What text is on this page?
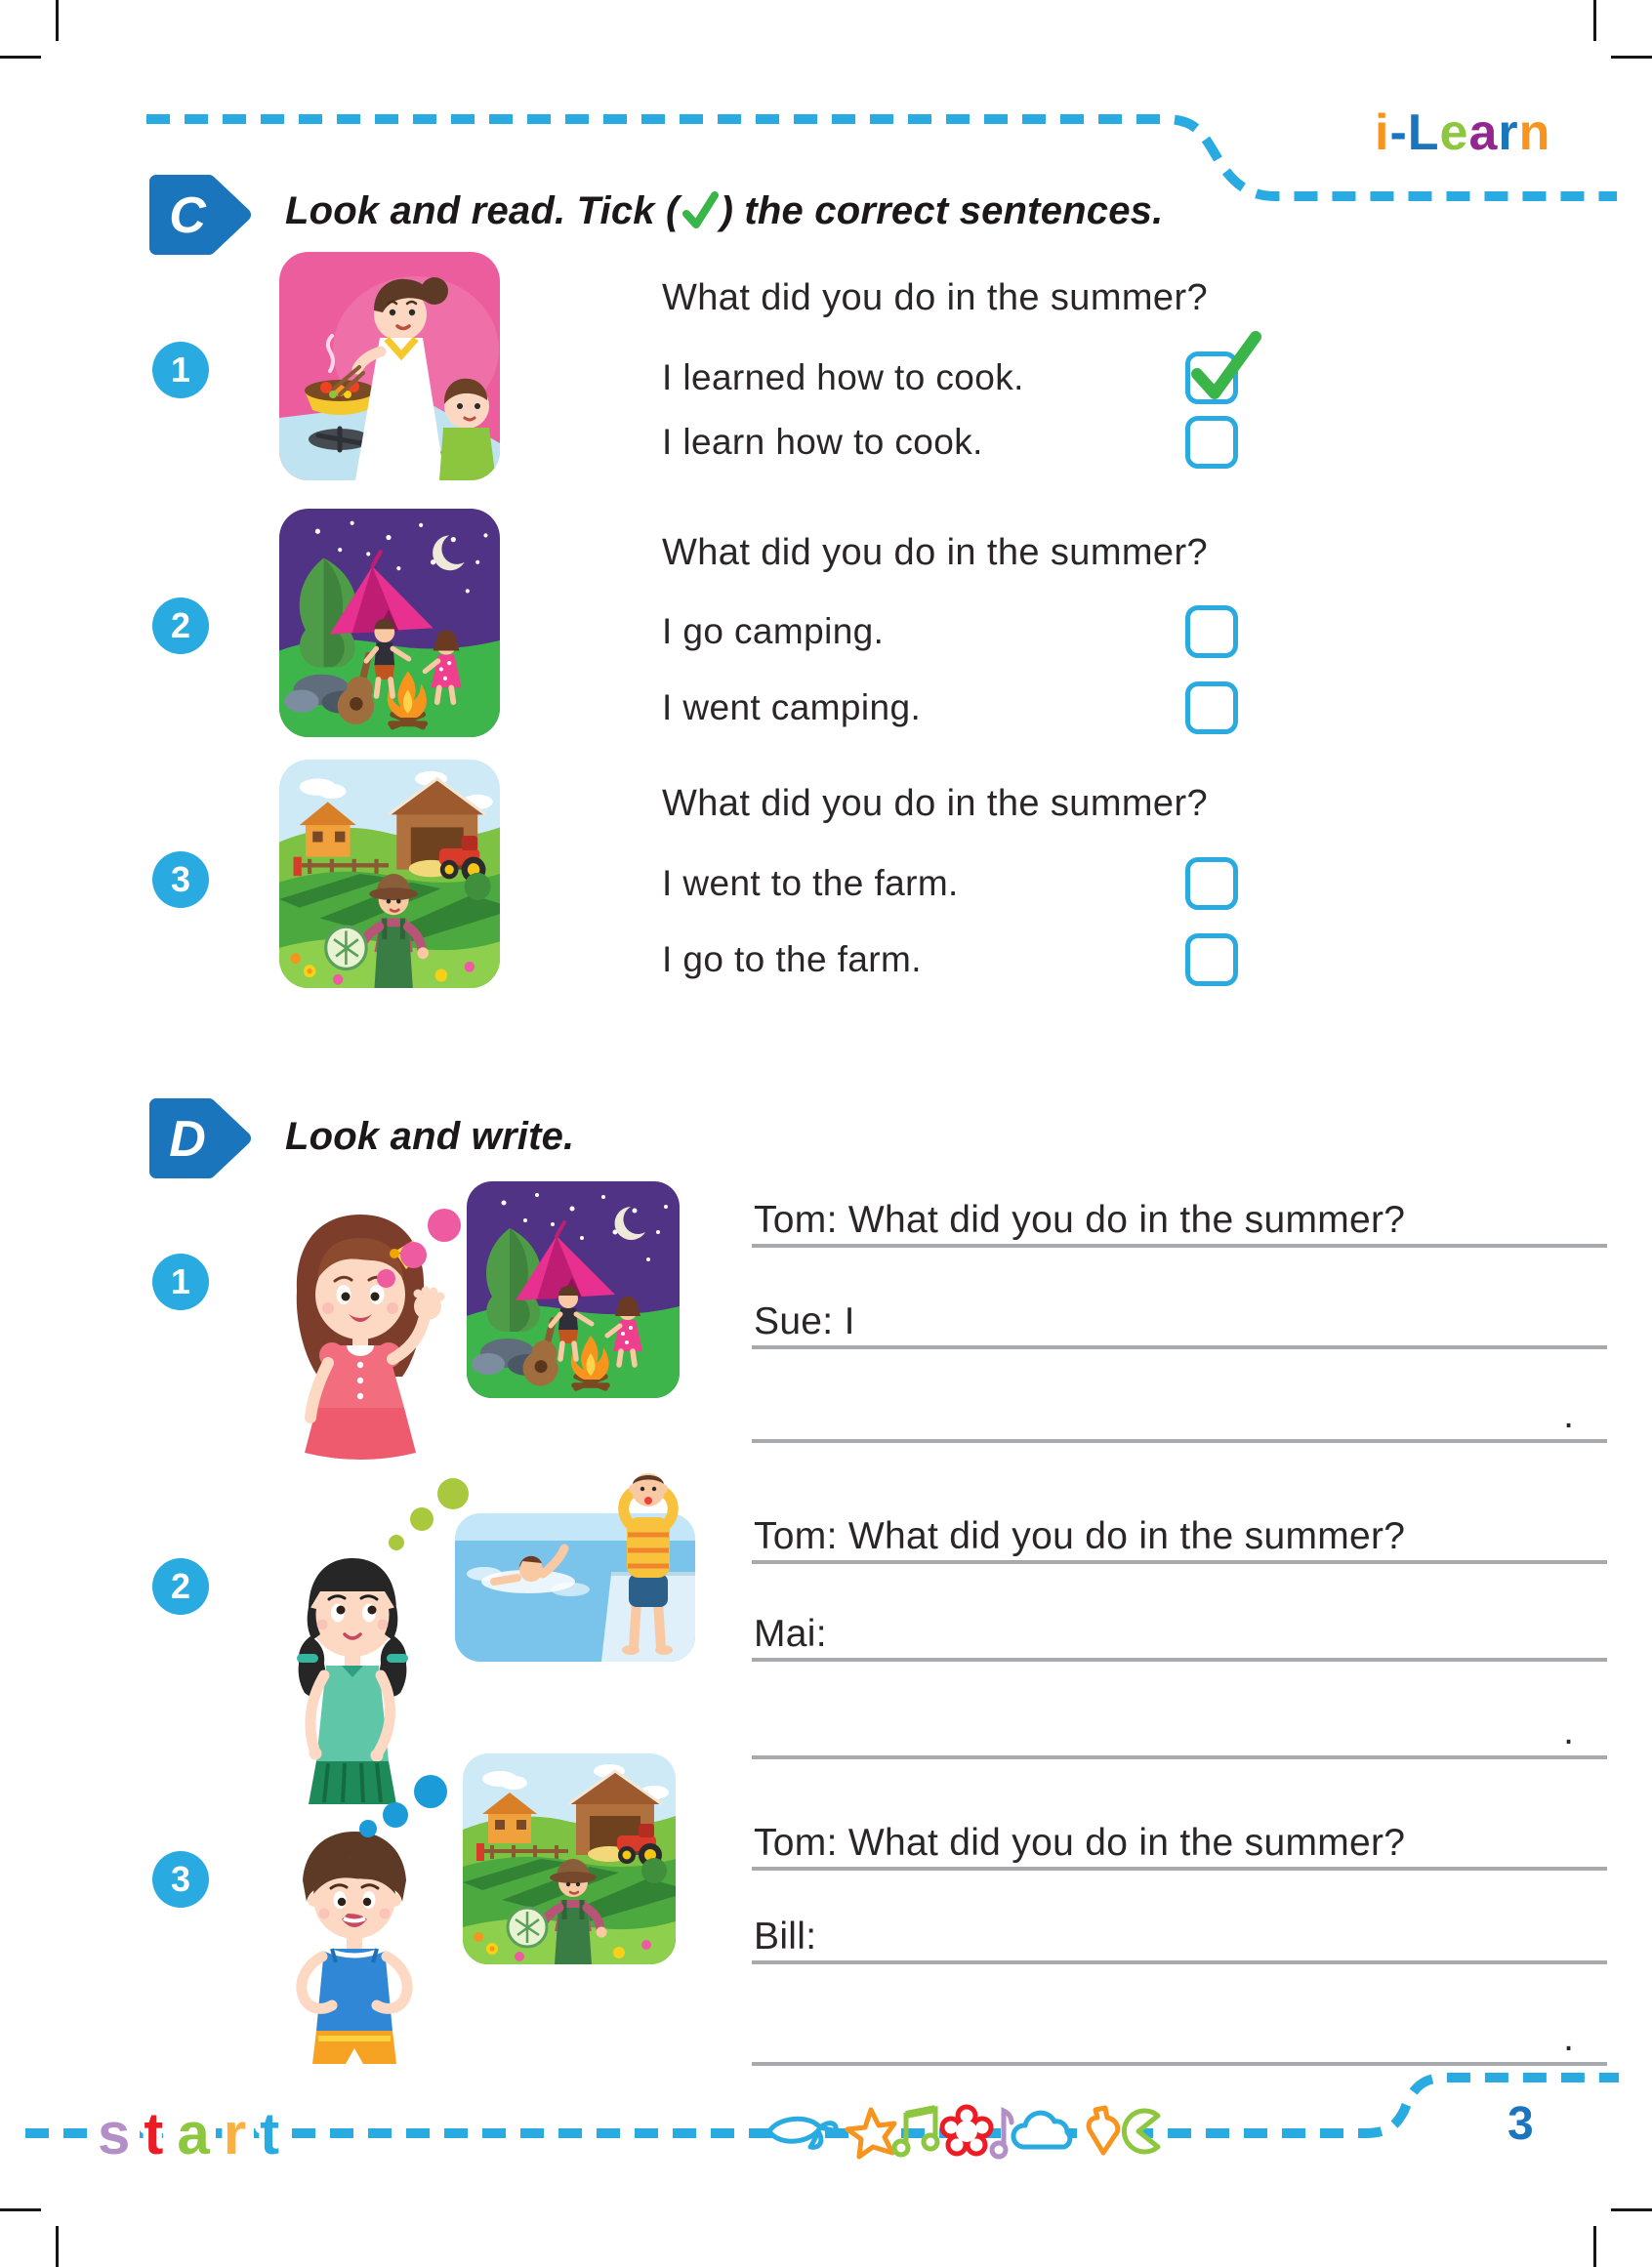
i-Learn
C Look and read. Tick ( ) the correct sentences.
1
What did you do in the summer?
I learned how to cook.
I learn how to cook.
2
What did you do in the summer?
I go camping.
I went camping.
3
What did you do in the summer?
I went to the farm.
I go to the farm.
D Look and write.
1
Tom: What did you do in the summer?
Sue: I
.
2
Tom: What did you do in the summer?
Mai:
.
3
Tom: What did you do in the summer?
Bill:
.
start	3
